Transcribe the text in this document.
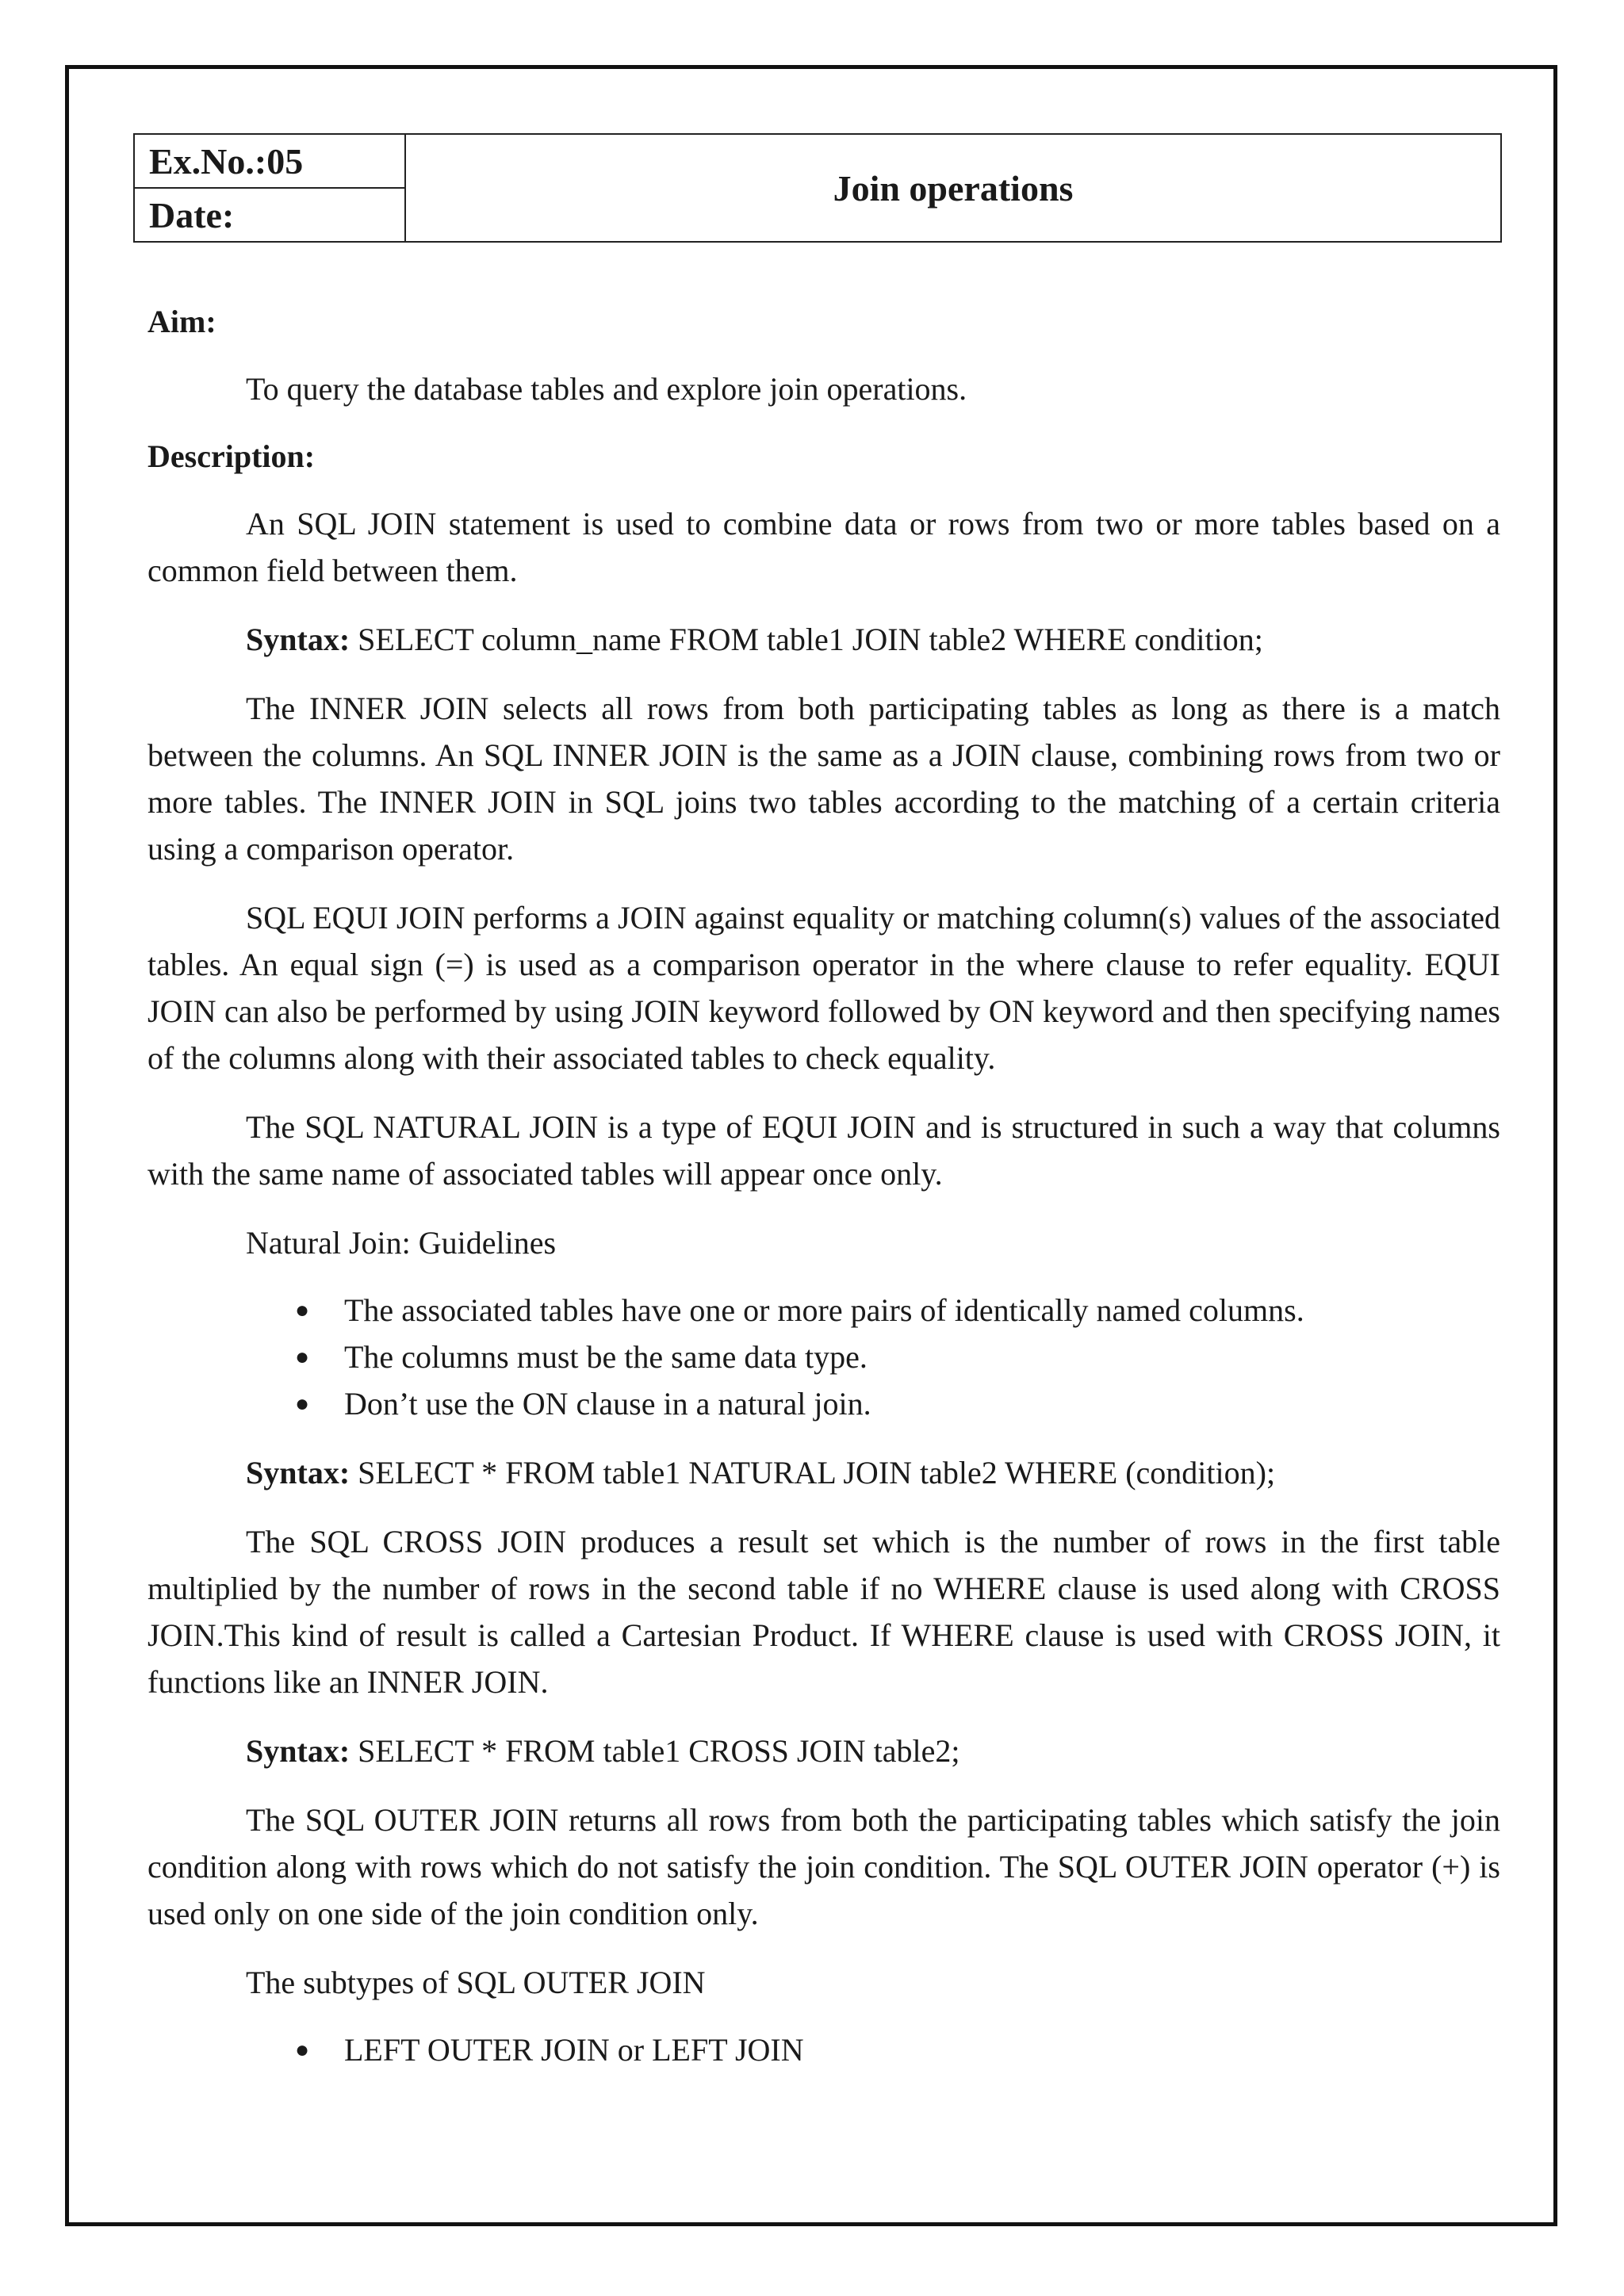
Ex.No.:05	Join operations
Date:
Aim:

To query the database tables and explore join operations.

Description:

An SQL JOIN statement is used to combine data or rows from two or more tables based on a common field between them.

Syntax: SELECT column_name FROM table1 JOIN table2 WHERE condition;

The INNER JOIN selects all rows from both participating tables as long as there is a match between the columns. An SQL INNER JOIN is the same as a JOIN clause, combining rows from two or more tables. The INNER JOIN in SQL joins two tables according to the matching of a certain criteria using a comparison operator.

SQL EQUI JOIN performs a JOIN against equality or matching column(s) values of the associated tables. An equal sign (=) is used as a comparison operator in the where clause to refer equality. EQUI JOIN can also be performed by using JOIN keyword followed by ON keyword and then specifying names of the columns along with their associated tables to check equality.

The SQL NATURAL JOIN is a type of EQUI JOIN and is structured in such a way that columns with the same name of associated tables will appear once only.

Natural Join: Guidelines

● The associated tables have one or more pairs of identically named columns.
● The columns must be the same data type.
● Don’t use the ON clause in a natural join.

Syntax: SELECT * FROM table1 NATURAL JOIN table2 WHERE (condition);

The SQL CROSS JOIN produces a result set which is the number of rows in the first table multiplied by the number of rows in the second table if no WHERE clause is used along with CROSS JOIN.This kind of result is called a Cartesian Product. If WHERE clause is used with CROSS JOIN, it functions like an INNER JOIN.

Syntax: SELECT * FROM table1 CROSS JOIN table2;

The SQL OUTER JOIN returns all rows from both the participating tables which satisfy the join condition along with rows which do not satisfy the join condition. The SQL OUTER JOIN operator (+) is used only on one side of the join condition only.

The subtypes of SQL OUTER JOIN

● LEFT OUTER JOIN or LEFT JOIN
